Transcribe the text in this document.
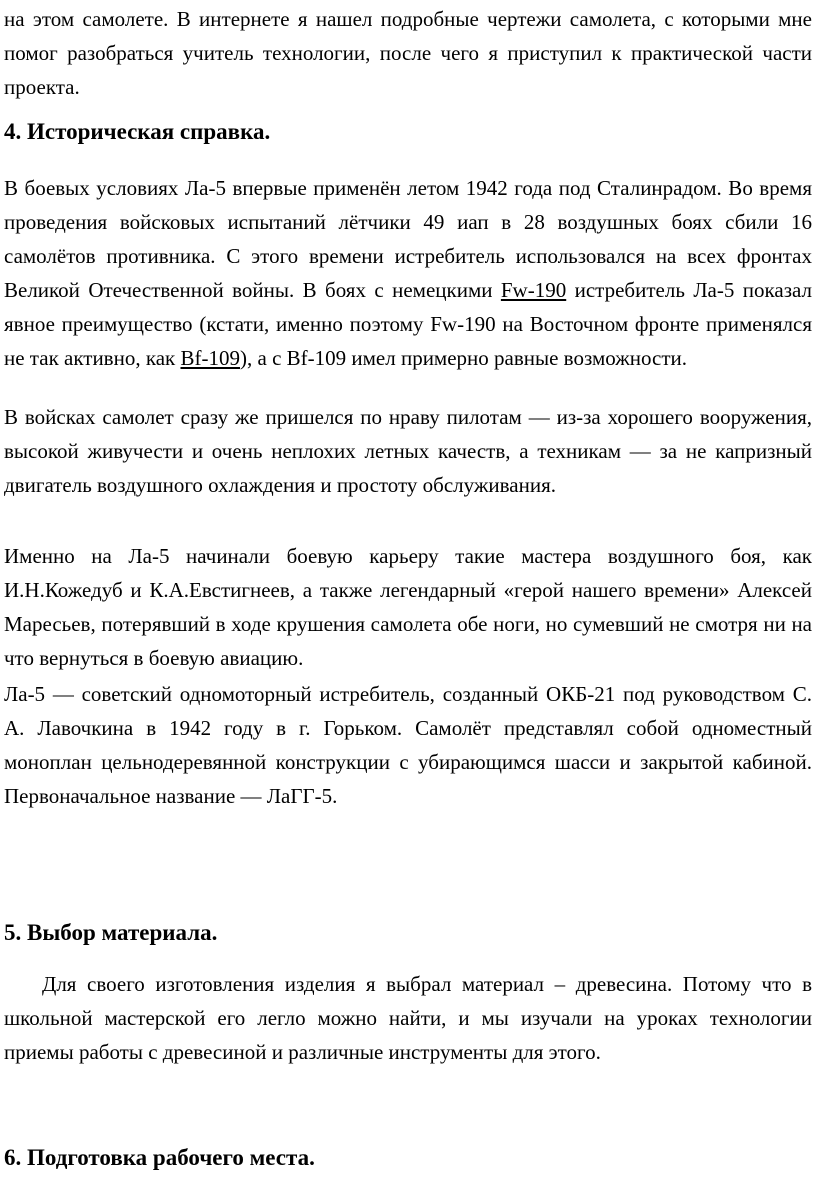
на этом самолете. В интернете я нашел подробные чертежи самолета, с которыми мне помог разобраться учитель технологии, после чего я приступил к практической части проекта.

4. Историческая справка.

В боевых условиях Ла-5 впервые применён летом 1942 года под Сталинрадом. Во время проведения войсковых испытаний лётчики 49 иап в 28 воздушных боях сбили 16 самолётов противника. С этого времени истребитель использовался на всех фронтах Великой Отечественной войны. В боях с немецкими Fw-190 истребитель Ла-5 показал явное преимущество (кстати, именно поэтому Fw-190 на Восточном фронте применялся не так активно, как Bf-109), а с Bf-109 имел примерно равные возможности.

В войсках самолет сразу же пришелся по нраву пилотам — из-за хорошего вооружения, высокой живучести и очень неплохих летных качеств, а техникам — за не капризный двигатель воздушного охлаждения и простоту обслуживания.

Именно на Ла-5 начинали боевую карьеру такие мастера воздушного боя, как И.Н.Кожедуб и К.А.Евстигнеев, а также легендарный «герой нашего времени» Алексей Маресьев, потерявший в ходе крушения самолета обе ноги, но сумевший не смотря ни на что вернуться в боевую авиацию.

Ла-5 — советский одномоторный истребитель, созданный ОКБ-21 под руководством С. А. Лавочкина в 1942 году в г. Горьком. Самолёт представлял собой одноместный моноплан цельнодеревянной конструкции с убирающимся шасси и закрытой кабиной. Первоначальное название — ЛаГГ-5.

5. Выбор материала.

Для своего изготовления изделия я выбрал материал – древесина. Потому что в школьной мастерской его легло можно найти, и мы изучали на уроках технологии приемы работы с древесиной и различные инструменты для этого.

6. Подготовка рабочего места.
